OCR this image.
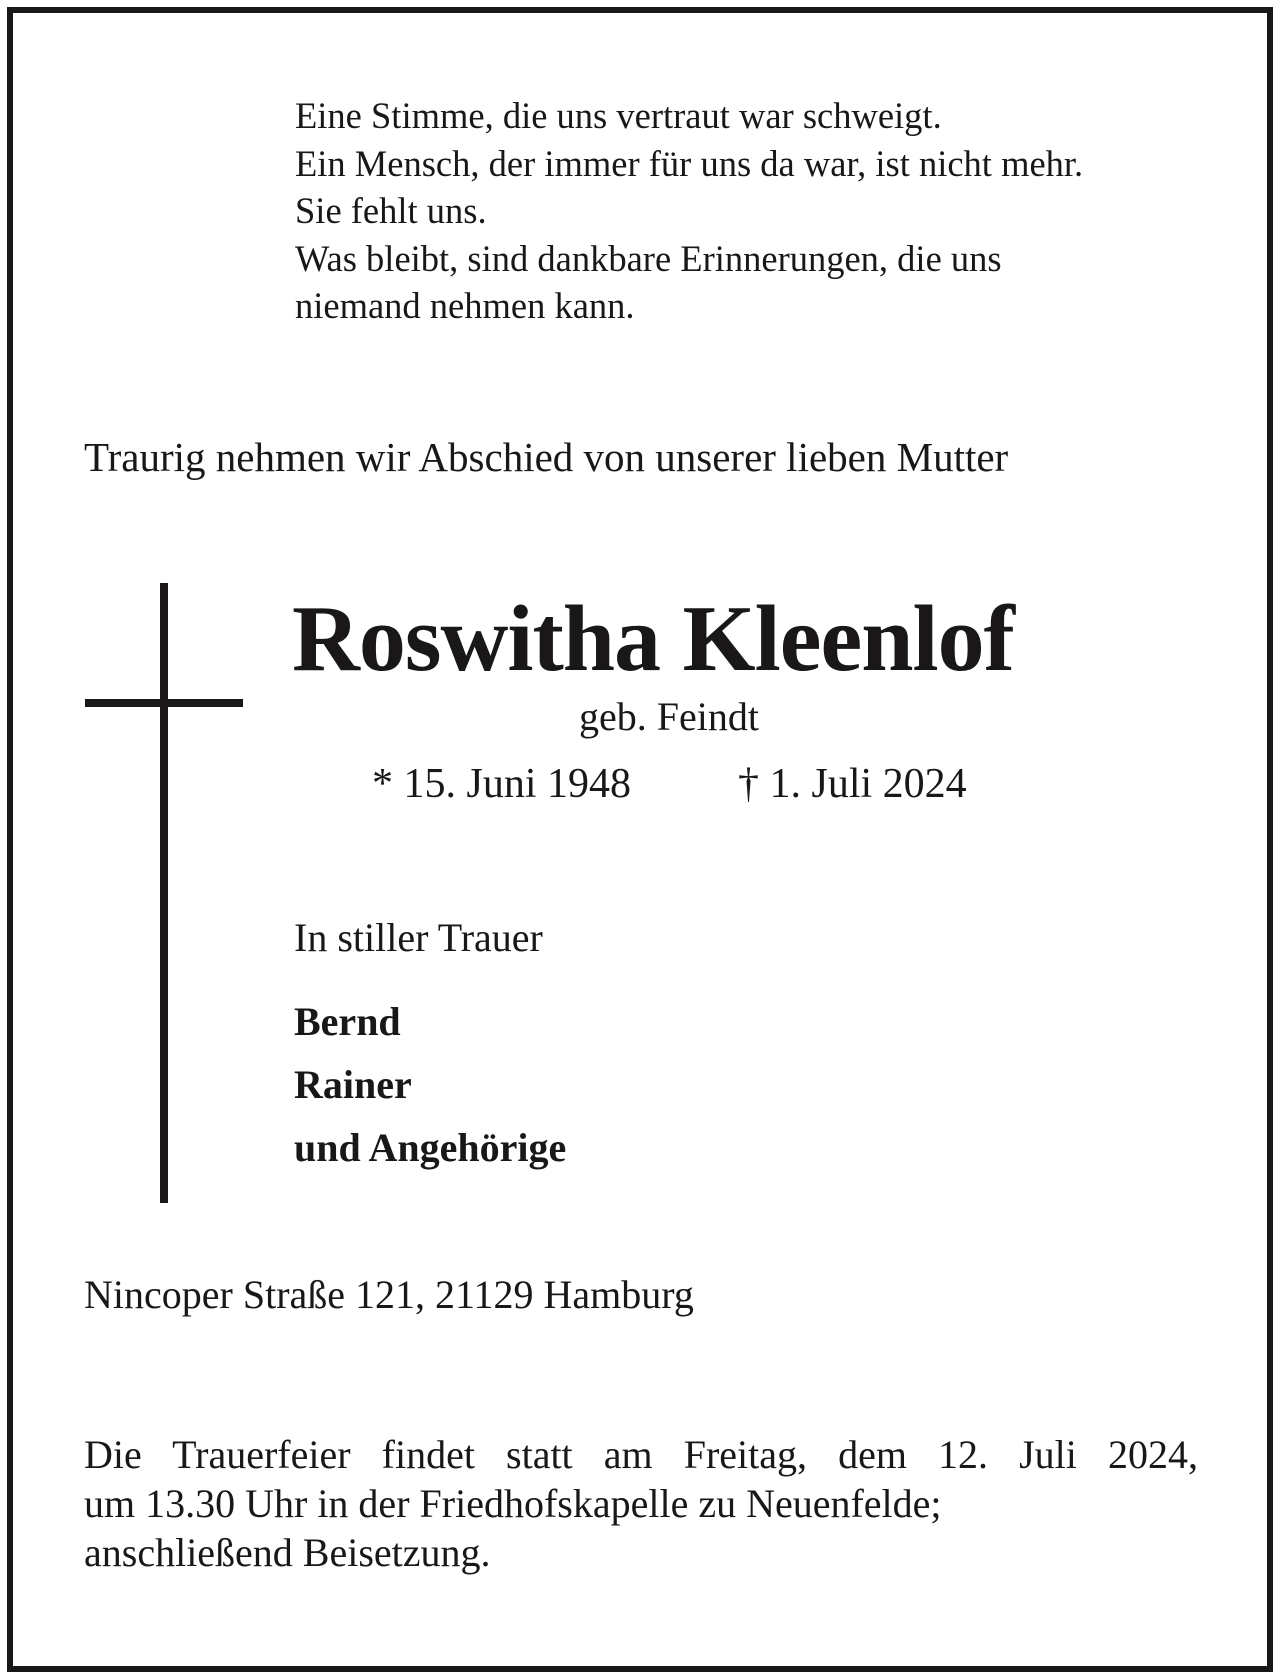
Eine Stimme, die uns vertraut war schweigt.
Ein Mensch, der immer für uns da war, ist nicht mehr.
Sie fehlt uns.
Was bleibt, sind dankbare Erinnerungen, die uns
niemand nehmen kann.
Traurig nehmen wir Abschied von unserer lieben Mutter
Roswitha Kleenlof
geb. Feindt
* 15. Juni 1948	† 1. Juli 2024
In stiller Trauer
Bernd
Rainer
und Angehörige
Nincoper Straße 121, 21129 Hamburg
Die Trauerfeier findet statt am Freitag, dem 12. Juli 2024,
um 13.30 Uhr in der Friedhofskapelle zu Neuenfelde;
anschließend Beisetzung.
